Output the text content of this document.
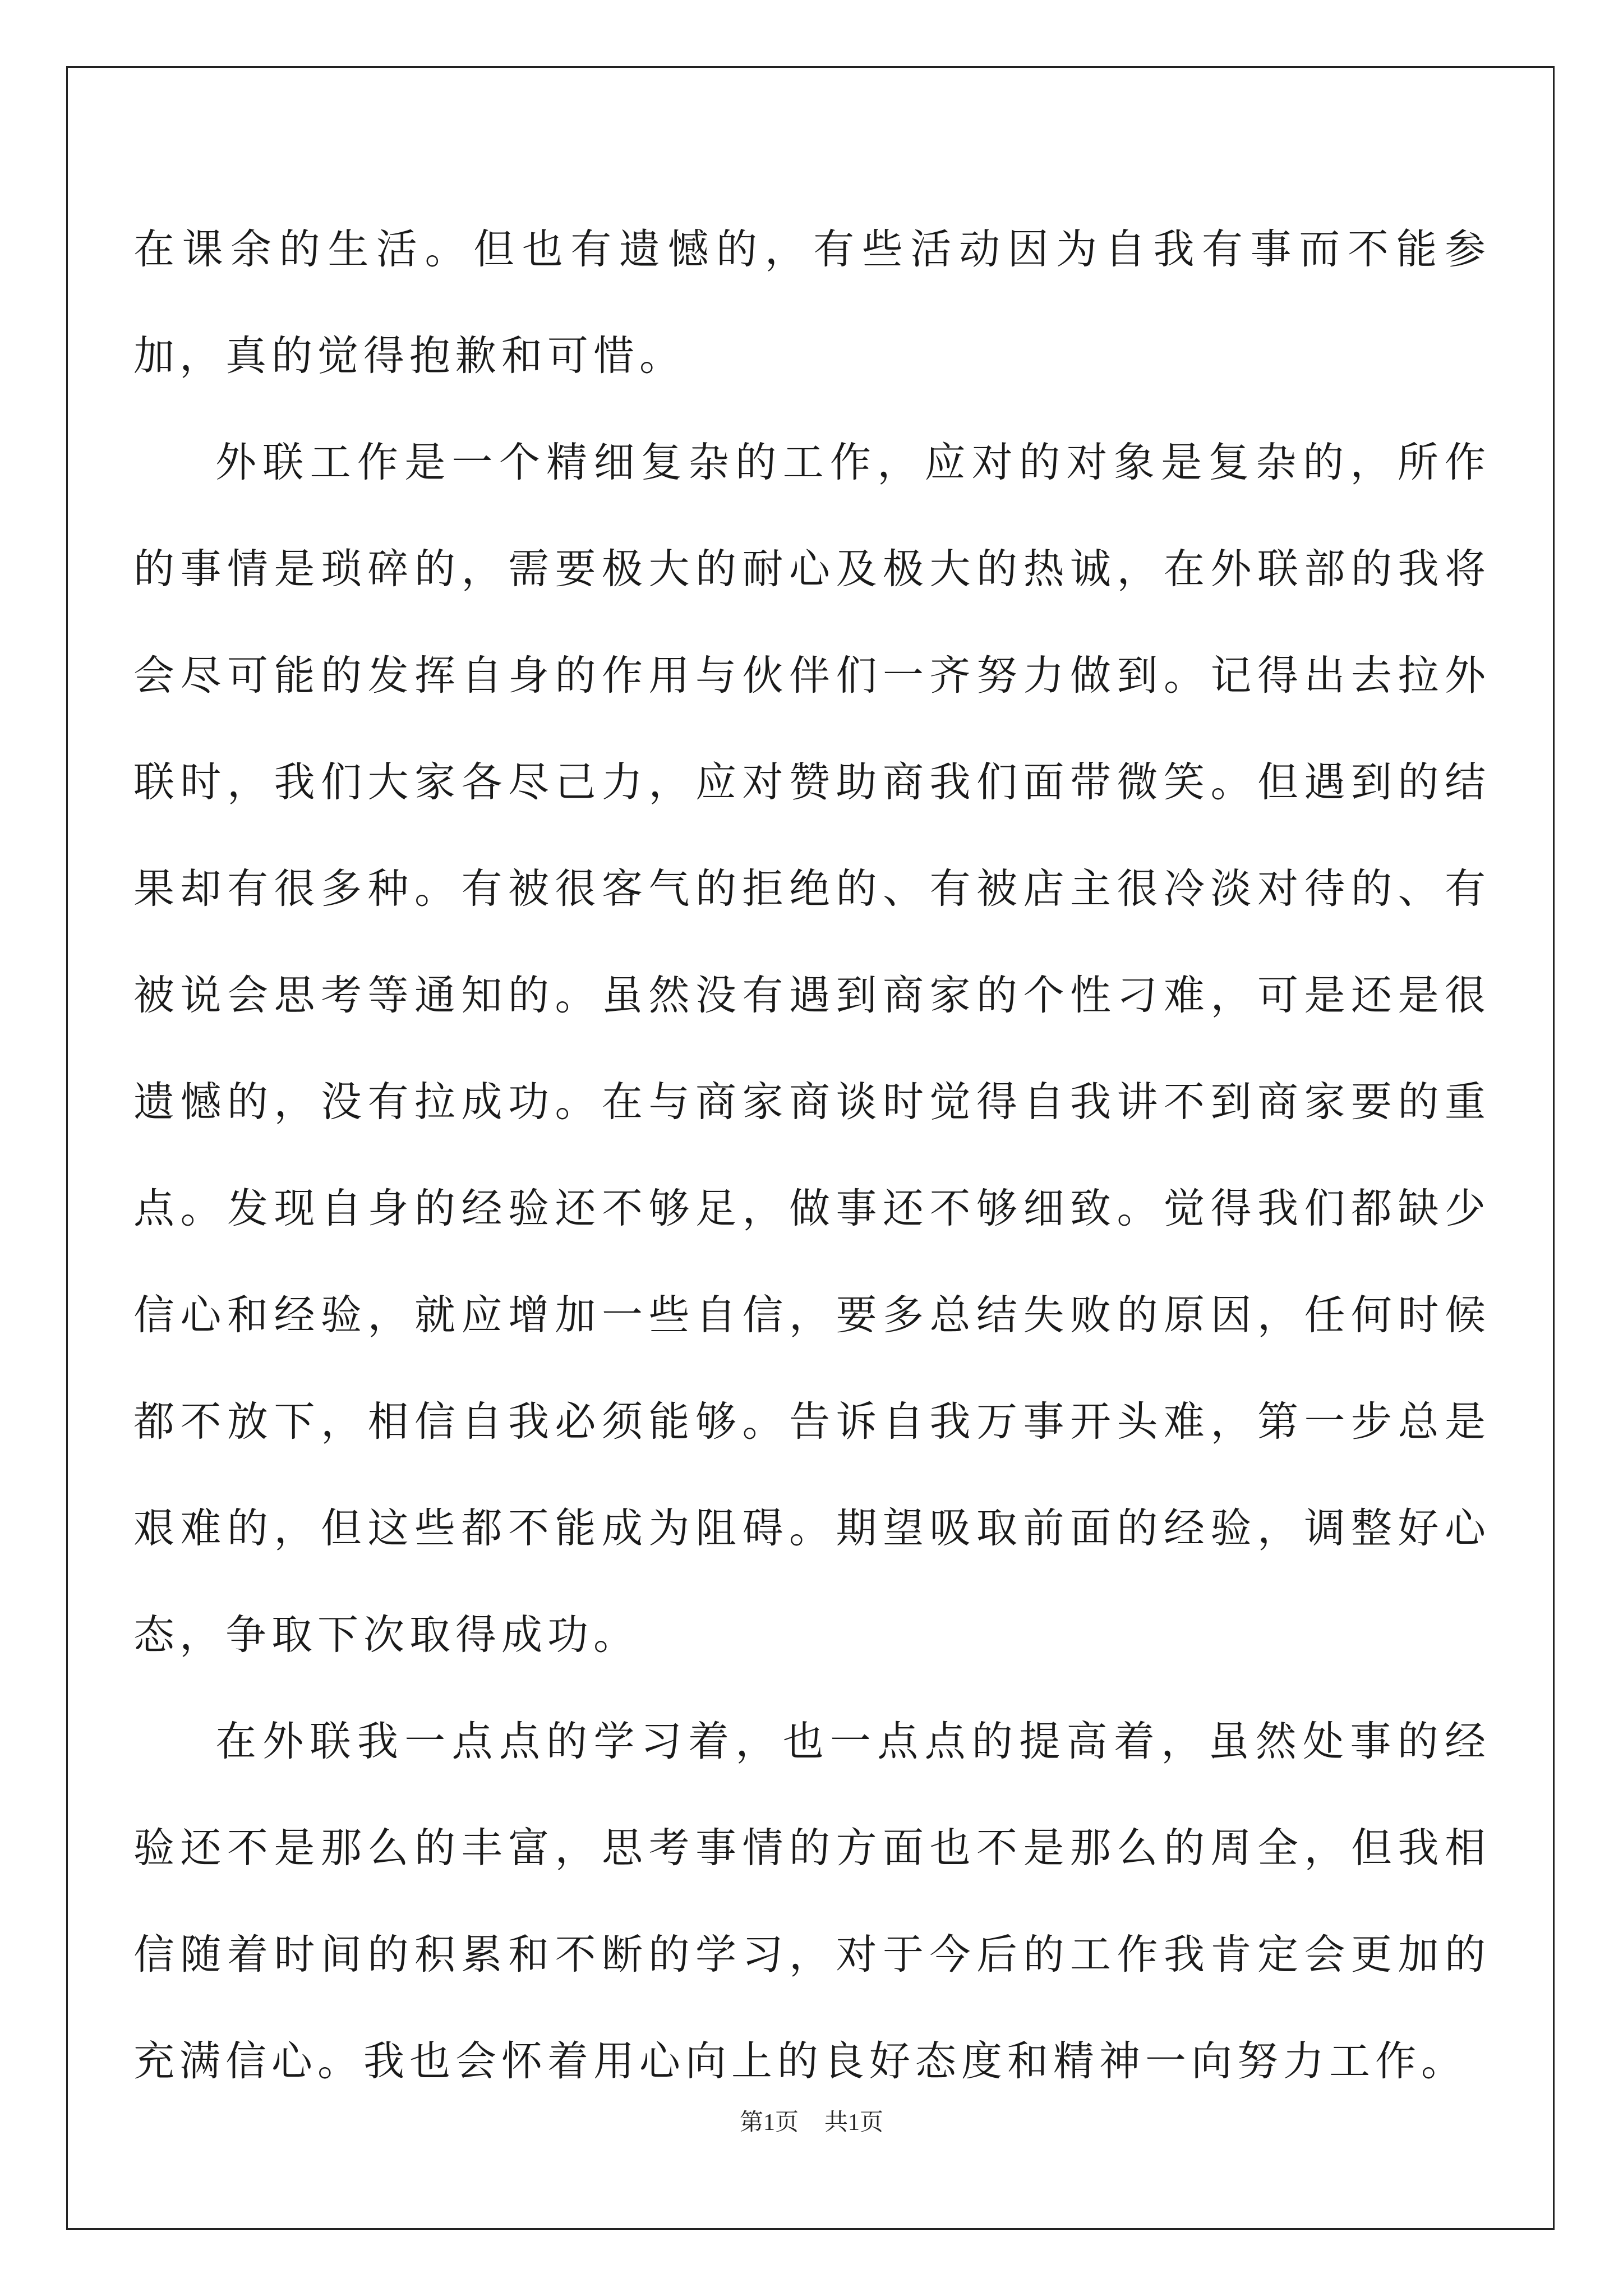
在课余的生活。但也有遗憾的，有些活动因为自我有事而不能参加，真的觉得抱歉和可惜。

外联工作是一个精细复杂的工作，应对的对象是复杂的，所作的事情是琐碎的，需要极大的耐心及极大的热诚，在外联部的我将会尽可能的发挥自身的作用与伙伴们一齐努力做到。记得出去拉外联时，我们大家各尽己力，应对赞助商我们面带微笑。但遇到的结果却有很多种。有被很客气的拒绝的、有被店主很冷淡对待的、有被说会思考等通知的。虽然没有遇到商家的个性刁难，可是还是很遗憾的，没有拉成功。在与商家商谈时觉得自我讲不到商家要的重点。发现自身的经验还不够足，做事还不够细致。觉得我们都缺少信心和经验，就应增加一些自信，要多总结失败的原因，任何时候都不放下，相信自我必须能够。告诉自我万事开头难，第一步总是艰难的，但这些都不能成为阻碍。期望吸取前面的经验，调整好心态，争取下次取得成功。

在外联我一点点的学习着，也一点点的提高着，虽然处事的经验还不是那么的丰富，思考事情的方面也不是那么的周全，但我相信随着时间的积累和不断的学习，对于今后的工作我肯定会更加的充满信心。我也会怀着用心向上的良好态度和精神一向努力工作。

第1页 共1页
